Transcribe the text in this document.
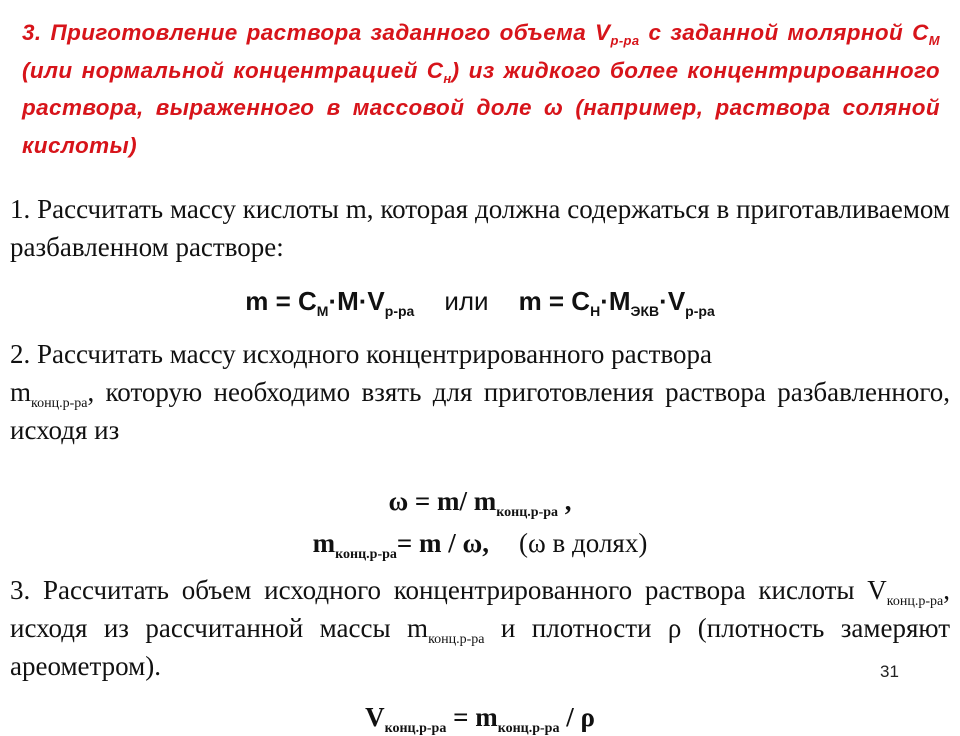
3. Приготовление раствора заданного объема $V_{р-ра}$ с заданной молярной $С_М$ (или нормальной концентрацией $С_н$) из жидкого более концентрированного раствора, выраженного в массовой доле ω (например, раствора соляной кислоты)

1. Рассчитать массу кислоты m, которая должна содержаться в приготавливаемом разбавленном растворе:

$m = C_М\cdot M\cdot V_{р-ра}$ или $m = C_Н\cdot M_{ЭКВ}\cdot V_{р-ра}$

2. Рассчитать массу исходного концентрированного раствора
$m_{конц.р-ра}$, которую необходимо взять для приготовления раствора разбавленного, исходя из

ω = m/ $m_{конц.р-ра}$ ,

$m_{конц.р-ра}= m / \omega$, (ω в долях)

3. Рассчитать объем исходного концентрированного раствора кислоты $V_{конц.р-ра}$, исходя из рассчитанной массы $m_{конц.р-ра}$ и плотности ρ (плотность замеряют ареометром).

$V_{конц.р-ра} = m_{конц.р-ра} / \rho$

31
